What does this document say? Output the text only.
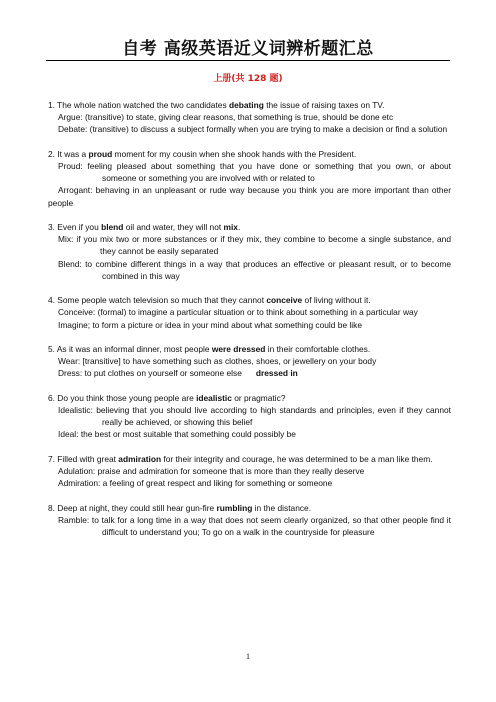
自考 高级英语近义词辨析题汇总
上册(共 128 题)

1. The whole nation watched the two candidates debating the issue of raising taxes on TV.

Argue: (transitive) to state, giving clear reasons, that something is true, should be done etc

Debate: (transitive) to discuss a subject formally when you are trying to make a decision or find a solution

2. It was a proud moment for my cousin when she shook hands with the President.

Proud: feeling pleased about something that you have done or something that you own, or about someone or something you are involved with or related to

Arrogant: behaving in an unpleasant or rude way because you think you are more important than other people

3. Even if you blend oil and water, they will not mix.

Mix: if you mix two or more substances or if they mix, they combine to become a single substance, and they cannot be easily separated

Blend: to combine different things in a way that produces an effective or pleasant result, or to become combined in this way

4. Some people watch television so much that they cannot conceive of living without it.

Conceive: (formal) to imagine a particular situation or to think about something in a particular way

Imagine; to form a picture or idea in your mind about what something could be like

5. As it was an informal dinner, most people were dressed in their comfortable clothes.

Wear: [transitive] to have something such as clothes, shoes, or jewellery on your body

Dress: to put clothes on yourself or someone else dressed in

6. Do you think those young people are idealistic or pragmatic?

Idealistic: believing that you should live according to high standards and principles, even if they cannot really be achieved, or showing this belief

Ideal: the best or most suitable that something could possibly be

7. Filled with great admiration for their integrity and courage, he was determined to be a man like them.

Adulation: praise and admiration for someone that is more than they really deserve

Admiration: a feeling of great respect and liking for something or someone

8. Deep at night, they could still hear gun-fire rumbling in the distance.

Ramble: to talk for a long time in a way that does not seem clearly organized, so that other people find it difficult to understand you; To go on a walk in the countryside for pleasure

1
